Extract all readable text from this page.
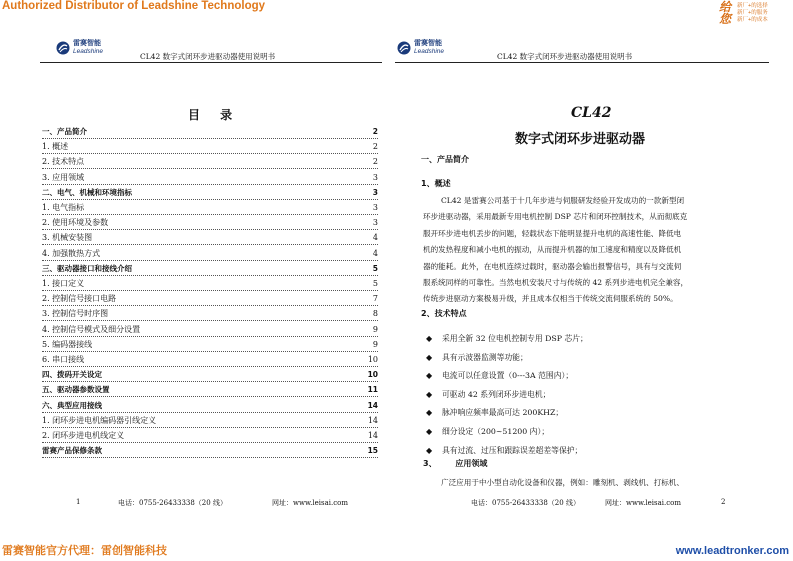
Authorized Distributor of Leadshine Technology	给您
新厂+的选择
新厂+的服务
新厂+的成本
雷赛智能
Leadshine
CL42 数字式闭环步进驱动器使用说明书
目 录
1	电话：0755-26433338（20 线）	网址：www.leisai.com
一、产品简介	2
1. 概述	2
2. 技术特点	2
3. 应用领域	3
二、电气、机械和环境指标	3
1. 电气指标	3
2. 使用环境及参数	3
3. 机械安装图	4
4. 加强散热方式	4
三、驱动器接口和接线介绍	5
1. 接口定义	5
2. 控制信号接口电路	7
3. 控制信号时序图	8
4. 控制信号模式及细分设置	9
5. 编码器接线	9
6. 串口接线	10
四、拨码开关设定	10
五、驱动器参数设置	11
六、典型应用接线	14
1. 闭环步进电机编码器引线定义	14
2. 闭环步进电机线定义	14
雷赛产品保修条款	15
雷赛智能
Leadshine
CL42 数字式闭环步进驱动器使用说明书
CL42
数字式闭环步进驱动器
一、产品简介
1、概述
CL42 是雷赛公司基于十几年步进与伺服研发经验开发成功的一款新型闭
环步进驱动器，采用最新专用电机控制 DSP 芯片和闭环控制技术，从而彻底克
服开环步进电机丢步的问题，轻载状态下能明显提升电机的高速性能、降低电
机的发热程度和减小电机的振动，从而提升机器的加工速度和精度以及降低机
器的能耗。此外，在电机连续过载时，驱动器会输出报警信号，具有与交流伺
服系统同样的可靠性。当然电机安装尺寸与传统的 42 系列步进电机完全兼容，
传统步进驱动方案极易升级，并且成本仅相当于传统交流伺服系统的 50%。
2、技术特点
3、 应用领域
广泛应用于中小型自动化设备和仪器，例如：雕刻机、剥线机、打标机、
电话：0755-26433338（20 线）	网址：www.leisai.com	2
◆ 采用全新 32 位电机控制专用 DSP 芯片；
◆ 具有示波器监测等功能；
◆ 电流可以任意设置（0---3A 范围内）；
◆ 可驱动 42 系列闭环步进电机；
◆ 脉冲响应频率最高可达 200KHZ；
◆ 细分设定（200~51200 内）；
◆ 具有过流、过压和跟踪误差超差等保护；
雷赛智能官方代理：雷创智能科技	www.leadtronker.com
